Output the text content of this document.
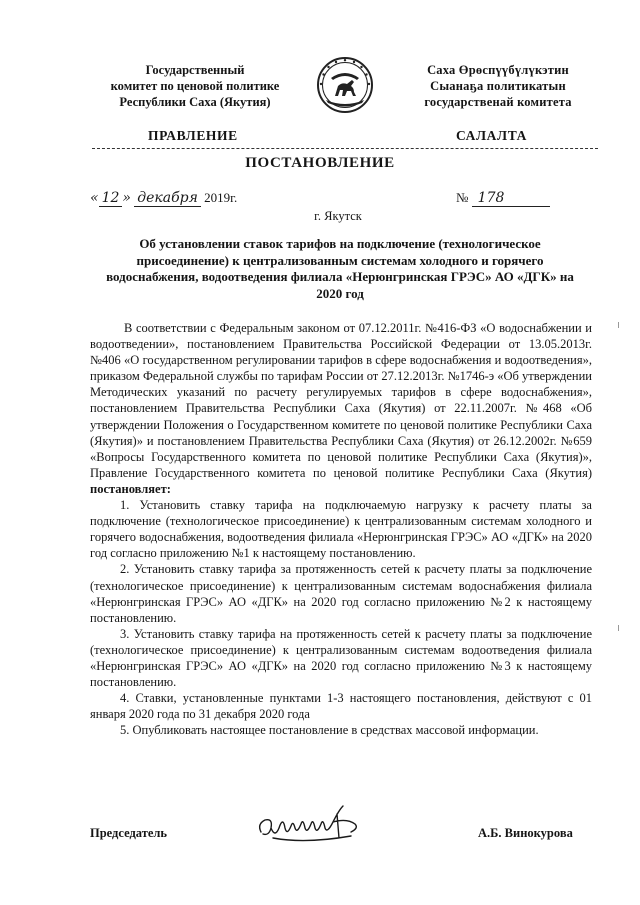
Государственный
комитет по ценовой политике
Республики Саха (Якутия)
Саха Өрөспүүбүлүкэтин
Сыанаҕа политикатын
государственай комитета
ПРАВЛЕНИЕ	САЛАЛТА
ПОСТАНОВЛЕНИЕ
« 12 » декабря 2019г.	№ 178
г. Якутск
Об установлении ставок тарифов на подключение (технологическое присоединение) к централизованным системам холодного и горячего водоснабжения, водоотведения филиала «Нерюнгринская ГРЭС» АО «ДГК» на 2020 год

В соответствии с Федеральным законом от 07.12.2011г. №416-ФЗ «О водоснабжении и водоотведении», постановлением Правительства Российской Федерации от 13.05.2013г. №406 «О государственном регулировании тарифов в сфере водоснабжения и водоотведения», приказом Федеральной службы по тарифам России от 27.12.2013г. №1746-э «Об утверждении Методических указаний по расчету регулируемых тарифов в сфере водоснабжения», постановлением Правительства Республики Саха (Якутия) от 22.11.2007г. №468 «Об утверждении Положения о Государственном комитете по ценовой политике Республики Саха (Якутия)» и постановлением Правительства Республики Саха (Якутия) от 26.12.2002г. №659 «Вопросы Государственного комитета по ценовой политике Республики Саха (Якутия)», Правление Государственного комитета по ценовой политике Республики Саха (Якутия) постановляет:

1. Установить ставку тарифа на подключаемую нагрузку к расчету платы за подключение (технологическое присоединение) к централизованным системам холодного и горячего водоснабжения, водоотведения филиала «Нерюнгринская ГРЭС» АО «ДГК» на 2020 год согласно приложению №1 к настоящему постановлению.

2. Установить ставку тарифа за протяженность сетей к расчету платы за подключение (технологическое присоединение) к централизованным системам водоснабжения филиала «Нерюнгринская ГРЭС» АО «ДГК» на 2020 год согласно приложению №2 к настоящему постановлению.

3. Установить ставку тарифа на протяженность сетей к расчету платы за подключение (технологическое присоединение) к централизованным системам водоотведения филиала «Нерюнгринская ГРЭС» АО «ДГК» на 2020 год согласно приложению №3 к настоящему постановлению.

4. Ставки, установленные пунктами 1-3 настоящего постановления, действуют с 01 января 2020 года по 31 декабря 2020 года

5. Опубликовать настоящее постановление в средствах массовой информации.

Председатель	А.Б. Винокурова
